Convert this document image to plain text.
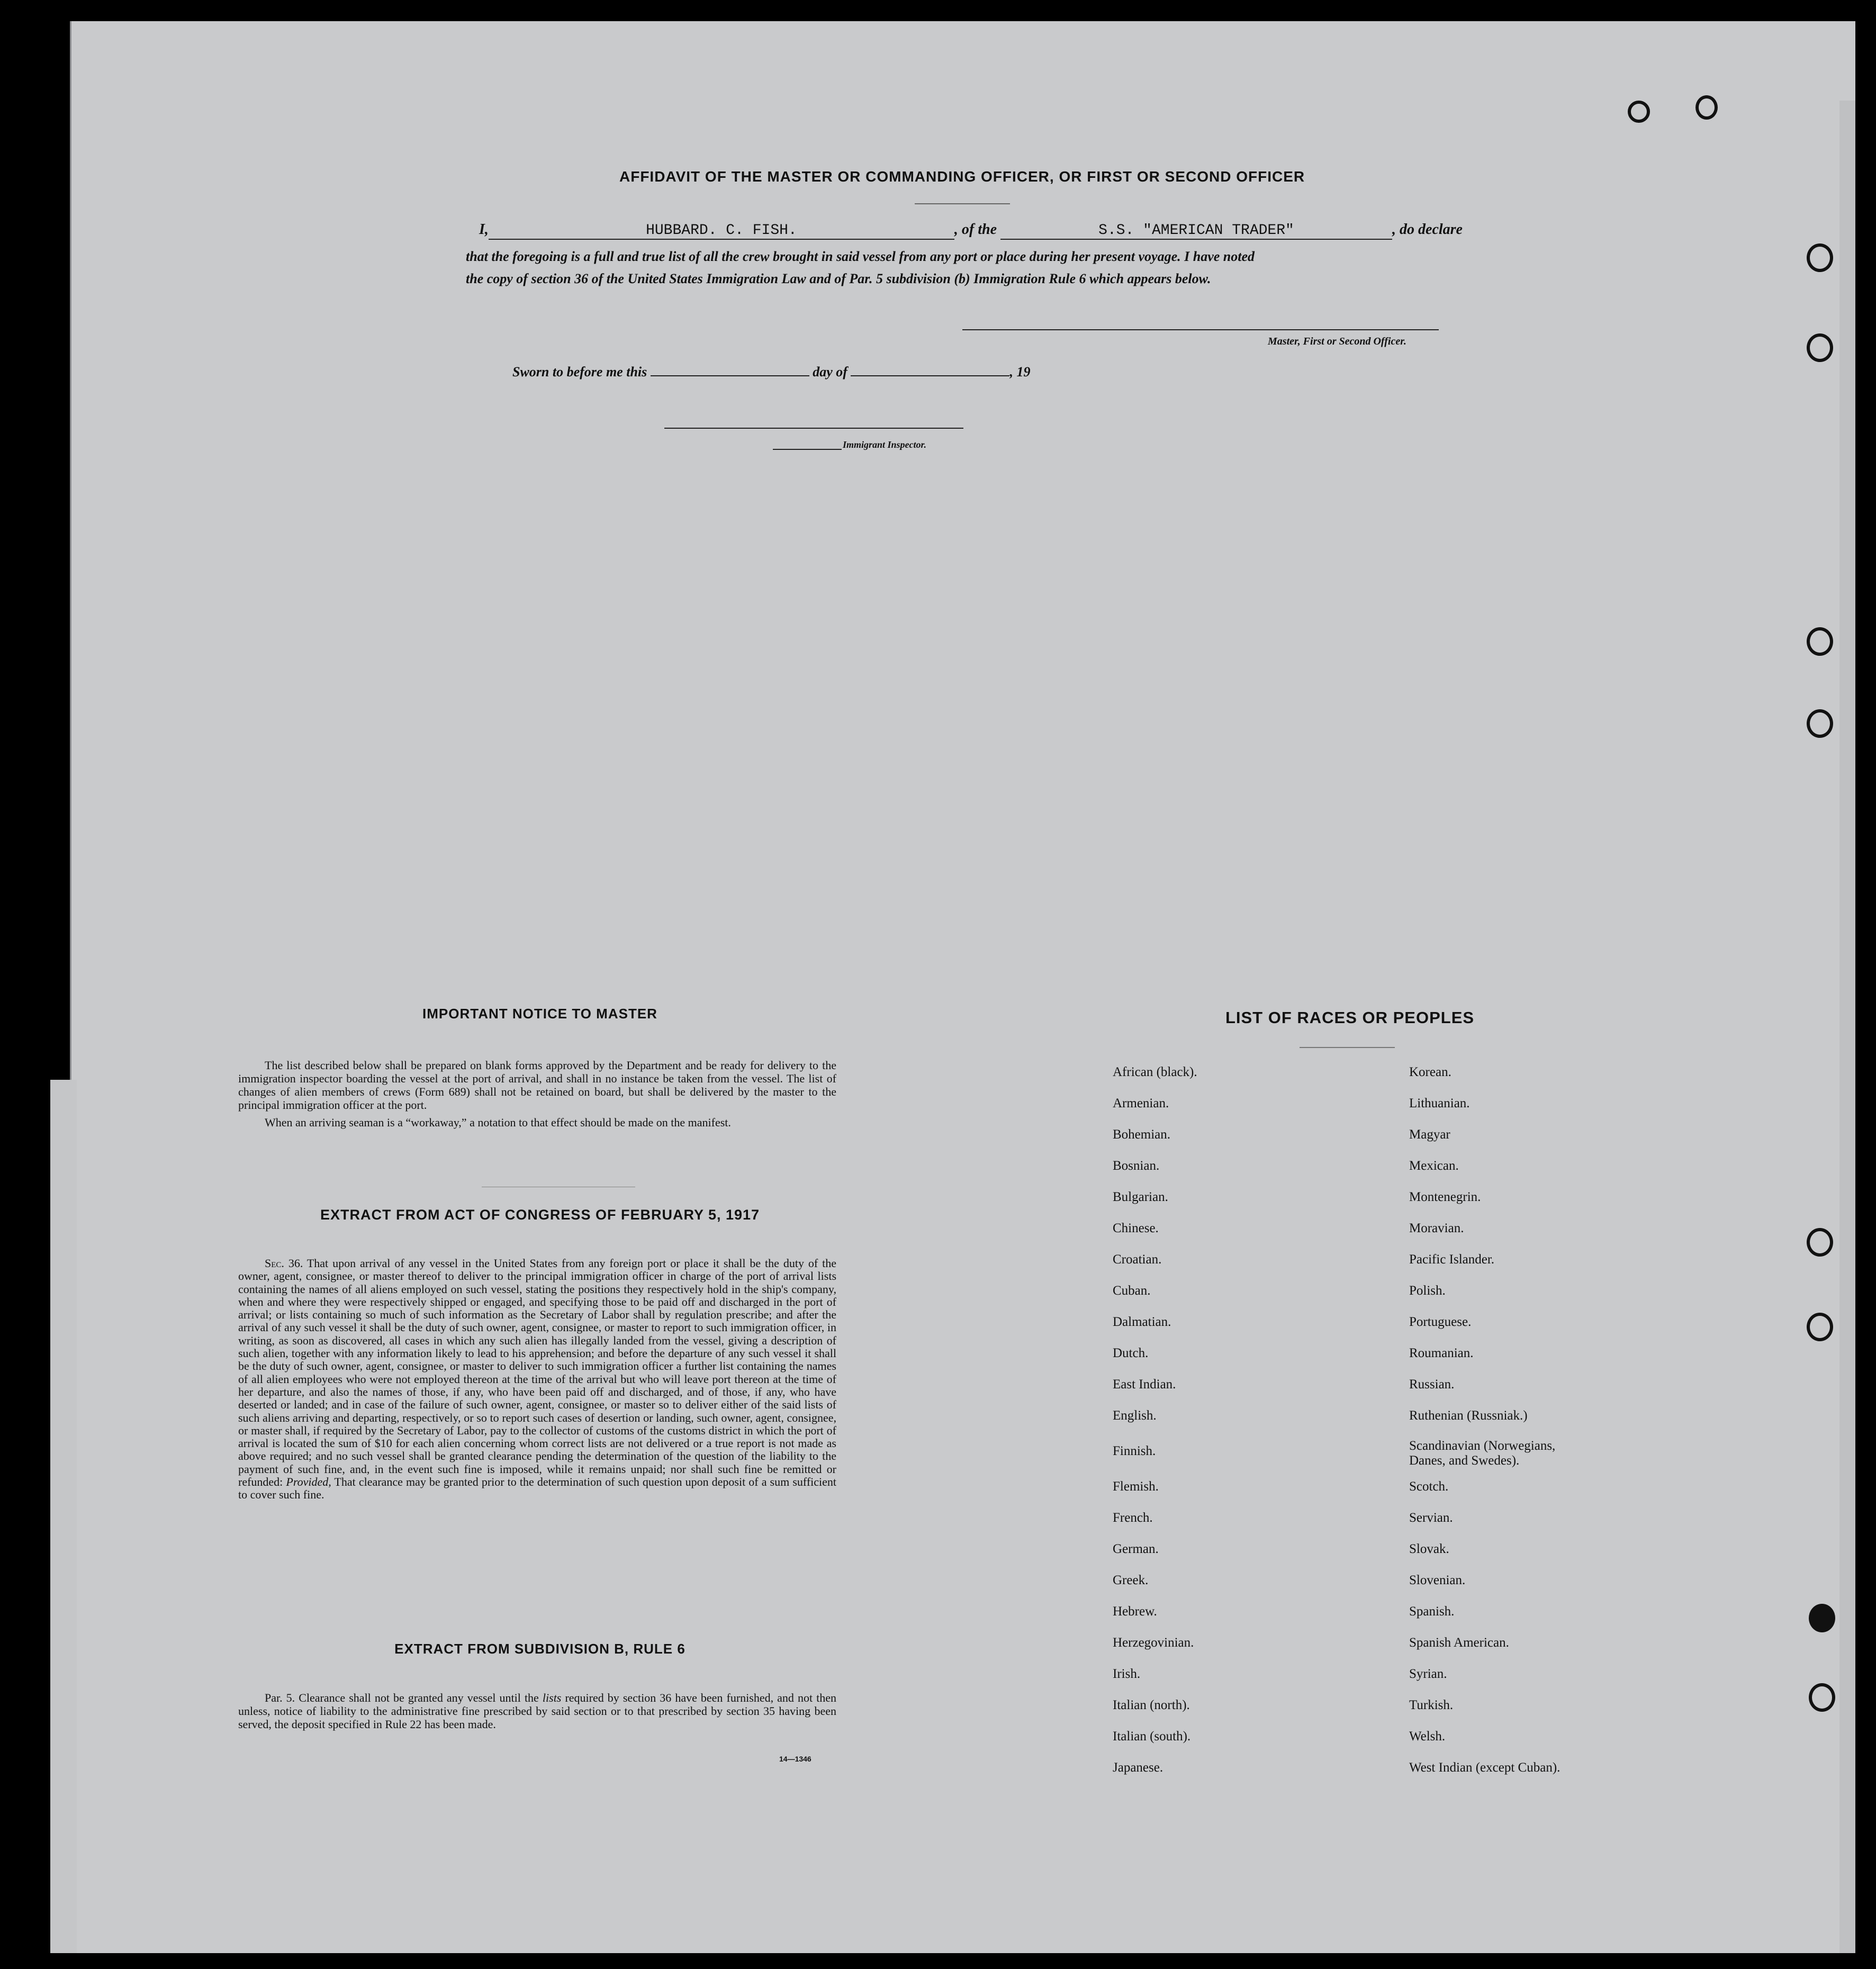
AFFIDAVIT OF THE MASTER OR COMMANDING OFFICER, OR FIRST OR SECOND OFFICER
I,	HUBBARD. C. FISH.	, of the	S.S. "AMERICAN TRADER"	, do declare
that the foregoing is a full and true list of all the crew brought in said vessel from any port or place during her present voyage. I have noted
the copy of section 36 of the United States Immigration Law and of Par. 5 subdivision (b) Immigration Rule 6 which appears below.
Master, First or Second Officer.
Sworn to before me this	day of	, 19
Immigrant Inspector.
IMPORTANT NOTICE TO MASTER

The list described below shall be prepared on blank forms approved by the Department and be ready for delivery to the immigration inspector boarding the vessel at the port of arrival, and shall in no instance be taken from the vessel. The list of changes of alien members of crews (Form 689) shall not be retained on board, but shall be delivered by the master to the principal immigration officer at the port.

When an arriving seaman is a “workaway,” a notation to that effect should be made on the manifest.

EXTRACT FROM ACT OF CONGRESS OF FEBRUARY 5, 1917

Sec. 36. That upon arrival of any vessel in the United States from any foreign port or place it shall be the duty of the owner, agent, consignee, or master thereof to deliver to the principal immigration officer in charge of the port of arrival lists containing the names of all aliens employed on such vessel, stating the positions they respectively hold in the ship's company, when and where they were respectively shipped or engaged, and specifying those to be paid off and discharged in the port of arrival; or lists containing so much of such information as the Secretary of Labor shall by regulation prescribe; and after the arrival of any such vessel it shall be the duty of such owner, agent, consignee, or master to report to such immigration officer, in writing, as soon as discovered, all cases in which any such alien has illegally landed from the vessel, giving a description of such alien, together with any information likely to lead to his apprehension; and before the departure of any such vessel it shall be the duty of such owner, agent, consignee, or master to deliver to such immigration officer a further list containing the names of all alien employees who were not employed thereon at the time of the arrival but who will leave port thereon at the time of her departure, and also the names of those, if any, who have been paid off and discharged, and of those, if any, who have deserted or landed; and in case of the failure of such owner, agent, consignee, or master so to deliver either of the said lists of such aliens arriving and departing, respectively, or so to report such cases of desertion or landing, such owner, agent, consignee, or master shall, if required by the Secretary of Labor, pay to the collector of customs of the customs district in which the port of arrival is located the sum of $10 for each alien concerning whom correct lists are not delivered or a true report is not made as above required; and no such vessel shall be granted clearance pending the determination of the question of the liability to the payment of such fine, and, in the event such fine is imposed, while it remains unpaid; nor shall such fine be remitted or refunded: Provided, That clearance may be granted prior to the determination of such question upon deposit of a sum sufficient to cover such fine.

EXTRACT FROM SUBDIVISION B, RULE 6

Par. 5. Clearance shall not be granted any vessel until the lists required by section 36 have been furnished, and not then unless, notice of liability to the administrative fine prescribed by said section or to that prescribed by section 35 having been served, the deposit specified in Rule 22 has been made.

14—1346
LIST OF RACES OR PEOPLES
African (black).
Armenian.
Bohemian.
Bosnian.
Bulgarian.
Chinese.
Croatian.
Cuban.
Dalmatian.
Dutch.
East Indian.
English.
Finnish.
Flemish.
French.
German.
Greek.
Hebrew.
Herzegovinian.
Irish.
Italian (north).
Italian (south).
Japanese.
Korean.
Lithuanian.
Magyar
Mexican.
Montenegrin.
Moravian.
Pacific Islander.
Polish.
Portuguese.
Roumanian.
Russian.
Ruthenian (Russniak.)
Scandinavian (Norwegians, Danes, and Swedes).
Scotch.
Servian.
Slovak.
Slovenian.
Spanish.
Spanish American.
Syrian.
Turkish.
Welsh.
West Indian (except Cuban).
